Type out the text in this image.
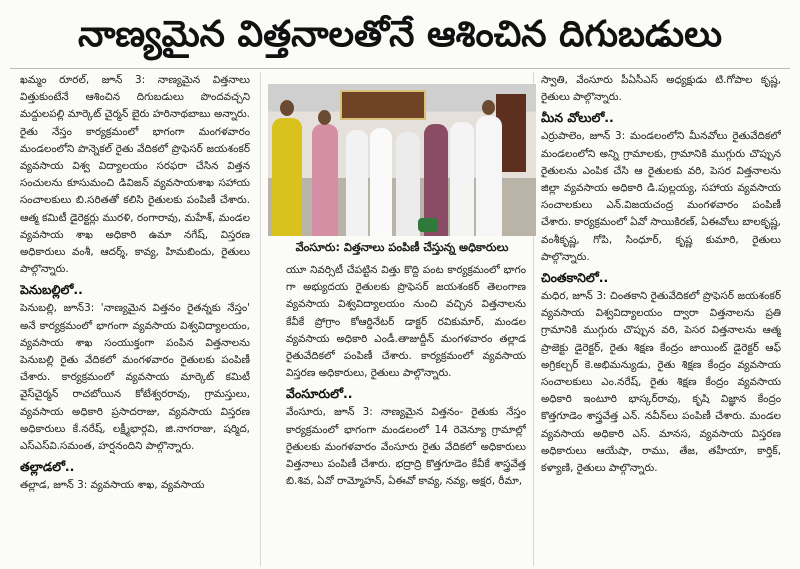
నాణ్యమైన విత్తనాలతోనే ఆశించిన దిగుబడులు

ఖమ్మం రూరల్, జూన్ 3: నాణ్యమైన విత్తనాలు విత్తుకుంటేనే ఆశించిన దిగుబడులు పొందవచ్చని మద్దులపల్లి మార్కెట్ చైర్మన్ బైరు హరినాథబాబు అన్నారు. రైతు నేస్తం కార్యక్రమంలో భాగంగా మంగళవారం మండలంలోని పొన్నెకల్ రైతు వేదికలో ప్రొఫెసర్ జయశంకర్ వ్యవసాయ విశ్వ విద్యాలయం సరఫరా చేసిన విత్తన సంచులను కూసుమంచి డివిజన్ వ్యవసాయశాఖ సహాయ సంచాలకులు బి.సరితతో కలిసి రైతులకు పంపిణీ చేశారు. ఆత్మ కమిటీ డైరెక్టర్లు మురళి, రంగారావు, మహేశ్, మండల వ్యవసాయ శాఖ అధికారి ఉమా నగేష్, విస్తరణ అధికారులు వంశీ, ఆదర్శ్, కావ్య, హిమబిందు, రైతులు పాల్గొన్నారు.

పెనుబల్లిలో..

పెనుబల్లి, జూన్3: 'నాణ్యమైన విత్తనం రైతన్నకు నేస్తం' అనే కార్యక్రమంలో భాగంగా వ్యవసాయ విశ్వవిద్యాలయం, వ్యవసాయ శాఖ సంయుక్తంగా పంపిన విత్తనాలను పెనుబల్లి రైతు వేదికలో మంగళవారం రైతులకు పంపిణీ చేశారు. కార్యక్రమంలో వ్యవసాయ మార్కెట్ కమిటీ వైస్‌చైర్మన్ రాచబోయిన కోటేశ్వరరావు, గ్రామస్తులు, వ్యవసాయ అధికారి ప్రసాదరాజు, వ్యవసాయ విస్తరణ అధికారులు కే.నరేష్, లక్ష్మీభార్గవి, జి.నాగరాజు, షర్మిద, ఎస్ఎస్‌వి.సమంత, హర్షనందిని పాల్గొన్నారు.

తల్లాడలో..

తల్లాడ, జూన్ 3: వ్యవసాయ శాఖ, వ్యవసాయ

వేంసూరు: విత్తనాలు పంపిణీ చేస్తున్న అధికారులు

యూ నివర్సిటీ చేపట్టిన విత్తు కొద్ది పంట కార్యక్రమంలో భాగం గా అభ్యుదయ రైతులకు ప్రొఫెసర్ జయశంకర్ తెలంగాణ వ్యవసాయ విశ్వవిద్యాలయం నుంచి వచ్చిన విత్తనాలను కేవీకే ప్రోగ్రాం కోఆర్డినేటర్ డాక్టర్ రవికుమార్, మండల వ్యవసాయ అధికారి ఎండీ.తాజుద్దీన్ మంగళవారం తల్లాడ రైతువేదికలో పంపిణీ చేశారు. కార్యక్రమంలో వ్యవసాయ విస్తరణ అధికారులు, రైతులు పాల్గొన్నారు.

వేంసూరులో..

వేంసూరు, జూన్ 3: నాణ్యమైన విత్తనం- రైతుకు నేస్తం కార్యక్రమంలో భాగంగా మండలంలో 14 రెవెన్యూ గ్రామాల్లో రైతులకు మంగళవారం వేంసూరు రైతు వేదికలో అధికారులు విత్తనాలు పంపిణీ చేశారు. భద్రాద్రి కొత్తగూడెం కేవీకే శాస్త్రవేత్త బి.శివ, ఏవో రామ్మోహన్, ఏఈవో కావ్య, నవ్య, అక్షర, రీమా,

స్వాతి, వేంసూరు పీఏసీఎస్ అధ్యక్షుడు టి.గోపాల కృష్ణ, రైతులు పాల్గొన్నారు.

మీన వోలులో..

ఎర్రుపాలెం, జూన్ 3: మండలంలోని మీనవోలు రైతువేదికలో మండలంలోని అన్ని గ్రామాలకు, గ్రామానికి ముగ్గురు చొప్పున రైతులను ఎంపిక చేసి ఆ రైతులకు వరి, పెసర విత్తనాలను జిల్లా వ్యవసాయ అధికారి డి.పుల్లయ్య, సహాయ వ్యవసాయ సంచాలకులు ఎన్.విజయచంద్ర మంగళవారం పంపిణీ చేశారు. కార్యక్రమంలో ఏవో సాయికిరణ్, ఏఈవోలు బాలకృష్ణ, వంశీకృష్ణ, గోపి, సింధూర్, కృష్ణ కుమారి, రైతులు పాల్గొన్నారు.

చింతకానిలో..

మధిర, జూన్ 3: చింతకాని రైతువేదికలో ప్రొఫెసర్ జయశంకర్ వ్యవసాయ విశ్వవిద్యాలయం ద్వారా విత్తనాలను ప్రతి గ్రామానికి ముగ్గురు చొప్పున వరి, పెసర విత్తనాలను ఆత్మ ప్రాజెక్టు డైరెక్టర్, రైతు శిక్షణ కేంద్రం జాయింట్ డైరెక్టర్ ఆఫ్ అగ్రికల్చర్ కె.అభిమన్యుడు, రైతు శిక్షణ కేంద్రం వ్యవసాయ సంచాలకులు ఎం.నరేష్, రైతు శిక్షణ కేంద్రం వ్యవసాయ అధికారి ఇంటూరి భాస్కర్‌రావు, కృషి విజ్ఞాన కేంద్రం కొత్తగూడెం శాస్త్రవేత్త ఎన్. నవీన్‌లు పంపిణీ చేశారు. మండల వ్యవసాయ అధికారి ఎస్. మానస, వ్యవసాయ విస్తరణ అధికారులు ఆయేషా, రాము, తేజ, తహీయా, కార్తిక్, కళ్యాణి, రైతులు పాల్గొన్నారు.
